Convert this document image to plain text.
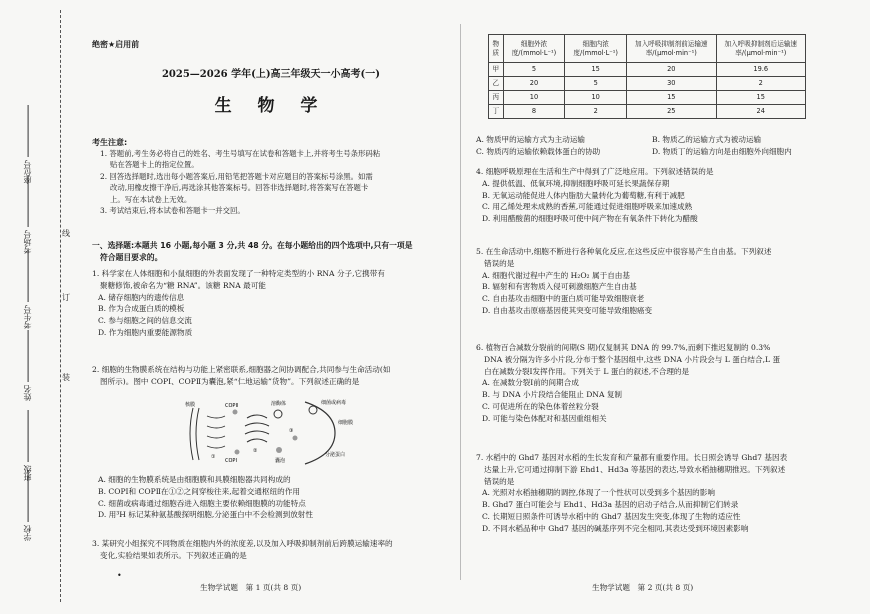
学校
班级
姓名
考生号
考场号
座位号
线
订
装
绝密★启用前
2025—2026 学年(上)高三年级天一小高考(一)
生 物 学
考生注意:

1. 答题前,考生务必将自己的姓名、考生号填写在试卷和答题卡上,并将考生号条形码粘

贴在答题卡上的指定位置。

2. 回答选择题时,选出每小题答案后,用铅笔把答题卡对应题目的答案标号涂黑。如需

改动,用橡皮擦干净后,再选涂其他答案标号。回答非选择题时,将答案写在答题卡

上。写在本试卷上无效。

3. 考试结束后,将本试卷和答题卡一并交回。

一、选择题:本题共 16 小题,每小题 3 分,共 48 分。在每小题给出的四个选项中,只有一项是

符合题目要求的。

1. 科学家在人体细胞和小鼠细胞的外表面发现了一种特定类型的小 RNA 分子,它携带有

聚糖修饰,被命名为“糖 RNA”。该糖 RNA 最可能

A. 储存细胞内的遗传信息

B. 作为合成蛋白质的模板

C. 参与细胞之间的信息交流

D. 作为细胞内重要能源物质

2. 细胞的生物膜系统在结构与功能上紧密联系,细胞器之间协调配合,共同参与生命活动(如

图所示)。图中 COPⅠ、COPⅡ为囊泡,紧“仁地运输”货物”。下列叙述正确的是

核膜	COPⅡ	溶酶体	细菌或病毒
细胞膜
COPⅠ	囊泡
分泌蛋白
①
②
③

A. 细胞的生物膜系统是由细胞膜和具膜细胞器共同构成的

B. COPⅠ和 COPⅡ在①②之间穿梭往来,起着交通枢纽的作用

C. 细菌或病毒通过细胞吞进入细胞主要依赖细胞膜的功能特点

D. 用³H 标记某种氨基酸探明细胞,分泌蛋白中不会检测到放射性

3. 某研究小组探究不同物质在细胞内外的浓度差,以及加入呼吸抑制剂前后跨膜运输速率的

变化,实验结果如表所示。下列叙述正确的是

•
物质	细胞外浓度/(mmol·L⁻¹)	细胞内浓度/(mmol·L⁻¹)	加入呼吸抑制剂前运输速率/(μmol·min⁻¹)	加入呼吸抑制剂后运输速率/(μmol·min⁻¹)
甲	5	15	20	19.6
乙	20	5	30	2
丙	10	10	15	15
丁	8	2	25	24

A. 物质甲的运输方式为主动运输	B. 物质乙的运输方式为被动运输

C. 物质丙的运输依赖载体蛋白的协助	D. 物质丁的运输方向是由细胞外向细胞内

4. 细胞呼吸原理在生活和生产中得到了广泛地应用。下列叙述错误的是

A. 提供低温、低氧环境,抑制细胞呼吸可延长果蔬保存期

B. 无氧运动能促进人体内脂肪大量转化为葡萄糖,有利于减肥

C. 用乙烯处理未成熟的香蕉,可能通过促进细胞呼吸来加速成熟

D. 利用醋酸菌的细胞呼吸可使中间产物在有氧条件下转化为醋酸

5. 在生命活动中,细胞不断进行各种氧化反应,在这些反应中很容易产生自由基。下列叙述

错误的是

A. 细胞代谢过程中产生的 H₂O₂ 属于自由基

B. 辐射和有害物质入侵可刺激细胞产生自由基

C. 自由基攻击细胞中的蛋白质可能导致细胞衰老

D. 自由基攻击原癌基因使其突变可能导致细胞癌变

6. 植物百合减数分裂前的间期(S 期)仅复制其 DNA 的 99.7%,而剩下推迟复制的 0.3%

DNA 被分隔为许多小片段,分布于整个基因组中,这些 DNA 小片段会与 L 蛋白结合,L 蛋

白在减数分裂Ⅰ发挥作用。下列关于 L 蛋白的叙述,不合理的是

A. 在减数分裂Ⅰ前的间期合成

B. 与 DNA 小片段结合能阻止 DNA 复制

C. 可促进所在的染色体着丝粒分裂

D. 可能与染色体配对和基因重组相关

7. 水稻中的 Ghd7 基因对水稻的生长发育和产量都有重要作用。长日照会诱导 Ghd7 基因表

达量上升,它可通过抑制下游 Ehd1、Hd3a 等基因的表达,导致水稻抽穗期推迟。下列叙述

错误的是

A. 光照对水稻抽穗期的调控,体现了一个性状可以受到多个基因的影响

B. Ghd7 蛋白可能会与 Ehd1、Hd3a 基因的启动子结合,从而抑制它们转录

C. 长期短日照条件可诱导水稻中的 Ghd7 基因发生突变,体现了生物的适应性

D. 不同水稻品种中 Ghd7 基因的碱基序列不完全相同,其表达受到环境因素影响

生物学试题　第 1 页(共 8 页)	生物学试题　第 2 页(共 8 页)
